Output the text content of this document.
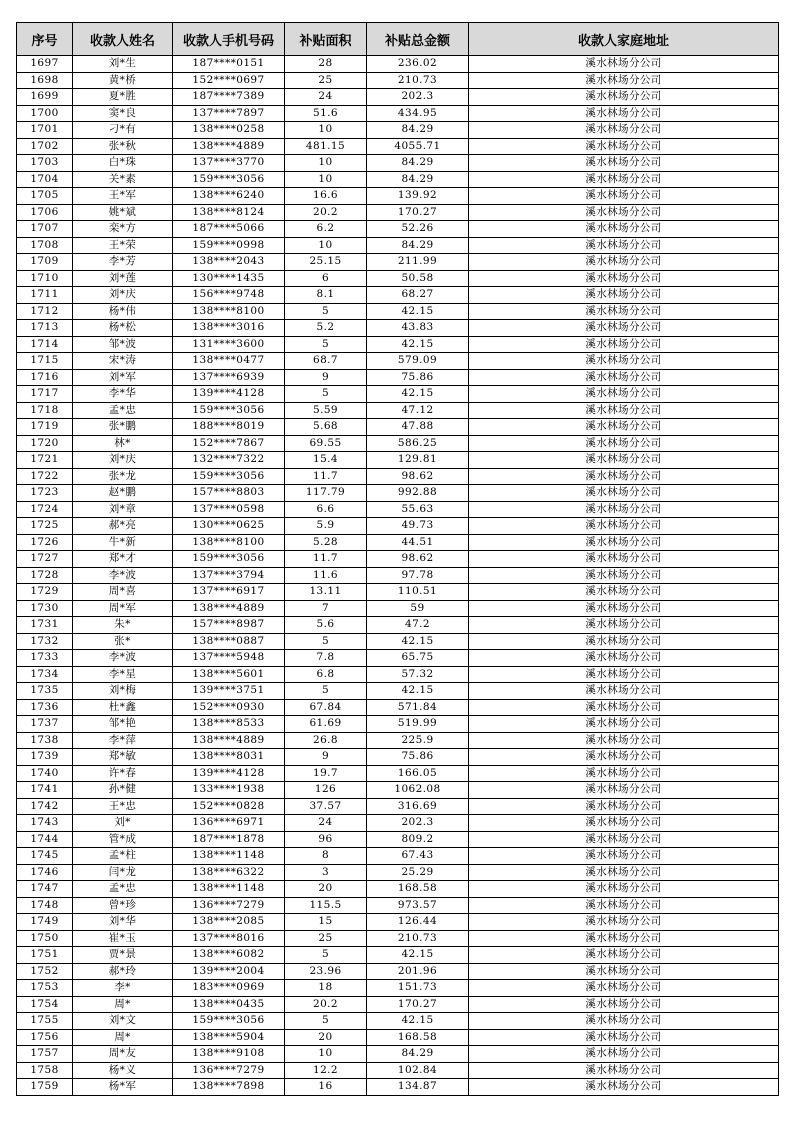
序号	收款人姓名	收款人手机号码	补贴面积	补贴总金额	收款人家庭地址
1697	刘*生	187****0151	28	236.02	溪水林场分公司
1698	黄*桥	152****0697	25	210.73	溪水林场分公司
1699	夏*胜	187****7389	24	202.3	溪水林场分公司
1700	窦*良	137****7897	51.6	434.95	溪水林场分公司
1701	刁*有	138****0258	10	84.29	溪水林场分公司
1702	张*秋	138****4889	481.15	4055.71	溪水林场分公司
1703	白*珠	137****3770	10	84.29	溪水林场分公司
1704	关*素	159****3056	10	84.29	溪水林场分公司
1705	王*军	138****6240	16.6	139.92	溪水林场分公司
1706	姚*斌	138****8124	20.2	170.27	溪水林场分公司
1707	栾*方	187****5066	6.2	52.26	溪水林场分公司
1708	王*荣	159****0998	10	84.29	溪水林场分公司
1709	李*芳	138****2043	25.15	211.99	溪水林场分公司
1710	刘*莲	130****1435	6	50.58	溪水林场分公司
1711	刘*庆	156****9748	8.1	68.27	溪水林场分公司
1712	杨*伟	138****8100	5	42.15	溪水林场分公司
1713	杨*松	138****3016	5.2	43.83	溪水林场分公司
1714	邹*波	131****3600	5	42.15	溪水林场分公司
1715	宋*涛	138****0477	68.7	579.09	溪水林场分公司
1716	刘*军	137****6939	9	75.86	溪水林场分公司
1717	李*华	139****4128	5	42.15	溪水林场分公司
1718	孟*忠	159****3056	5.59	47.12	溪水林场分公司
1719	张*鹏	188****8019	5.68	47.88	溪水林场分公司
1720	林*	152****7867	69.55	586.25	溪水林场分公司
1721	刘*庆	132****7322	15.4	129.81	溪水林场分公司
1722	张*龙	159****3056	11.7	98.62	溪水林场分公司
1723	赵*鹏	157****8803	117.79	992.88	溪水林场分公司
1724	刘*章	137****0598	6.6	55.63	溪水林场分公司
1725	郝*亮	130****0625	5.9	49.73	溪水林场分公司
1726	牛*新	138****8100	5.28	44.51	溪水林场分公司
1727	郑*才	159****3056	11.7	98.62	溪水林场分公司
1728	李*波	137****3794	11.6	97.78	溪水林场分公司
1729	周*喜	137****6917	13.11	110.51	溪水林场分公司
1730	周*军	138****4889	7	59	溪水林场分公司
1731	朱*	157****8987	5.6	47.2	溪水林场分公司
1732	张*	138****0887	5	42.15	溪水林场分公司
1733	李*波	137****5948	7.8	65.75	溪水林场分公司
1734	李*星	138****5601	6.8	57.32	溪水林场分公司
1735	刘*梅	139****3751	5	42.15	溪水林场分公司
1736	杜*鑫	152****0930	67.84	571.84	溪水林场分公司
1737	邹*艳	138****8533	61.69	519.99	溪水林场分公司
1738	李*萍	138****4889	26.8	225.9	溪水林场分公司
1739	郑*敏	138****8031	9	75.86	溪水林场分公司
1740	许*春	139****4128	19.7	166.05	溪水林场分公司
1741	孙*健	133****1938	126	1062.08	溪水林场分公司
1742	王*忠	152****0828	37.57	316.69	溪水林场分公司
1743	刘*	136****6971	24	202.3	溪水林场分公司
1744	管*成	187****1878	96	809.2	溪水林场分公司
1745	孟*柱	138****1148	8	67.43	溪水林场分公司
1746	闫*龙	138****6322	3	25.29	溪水林场分公司
1747	孟*忠	138****1148	20	168.58	溪水林场分公司
1748	曾*珍	136****7279	115.5	973.57	溪水林场分公司
1749	刘*华	138****2085	15	126.44	溪水林场分公司
1750	崔*玉	137****8016	25	210.73	溪水林场分公司
1751	贾*景	138****6082	5	42.15	溪水林场分公司
1752	郝*玲	139****2004	23.96	201.96	溪水林场分公司
1753	李*	183****0969	18	151.73	溪水林场分公司
1754	周*	138****0435	20.2	170.27	溪水林场分公司
1755	刘*文	159****3056	5	42.15	溪水林场分公司
1756	周*	138****5904	20	168.58	溪水林场分公司
1757	周*友	138****9108	10	84.29	溪水林场分公司
1758	杨*义	136****7279	12.2	102.84	溪水林场分公司
1759	杨*军	138****7898	16	134.87	溪水林场分公司
